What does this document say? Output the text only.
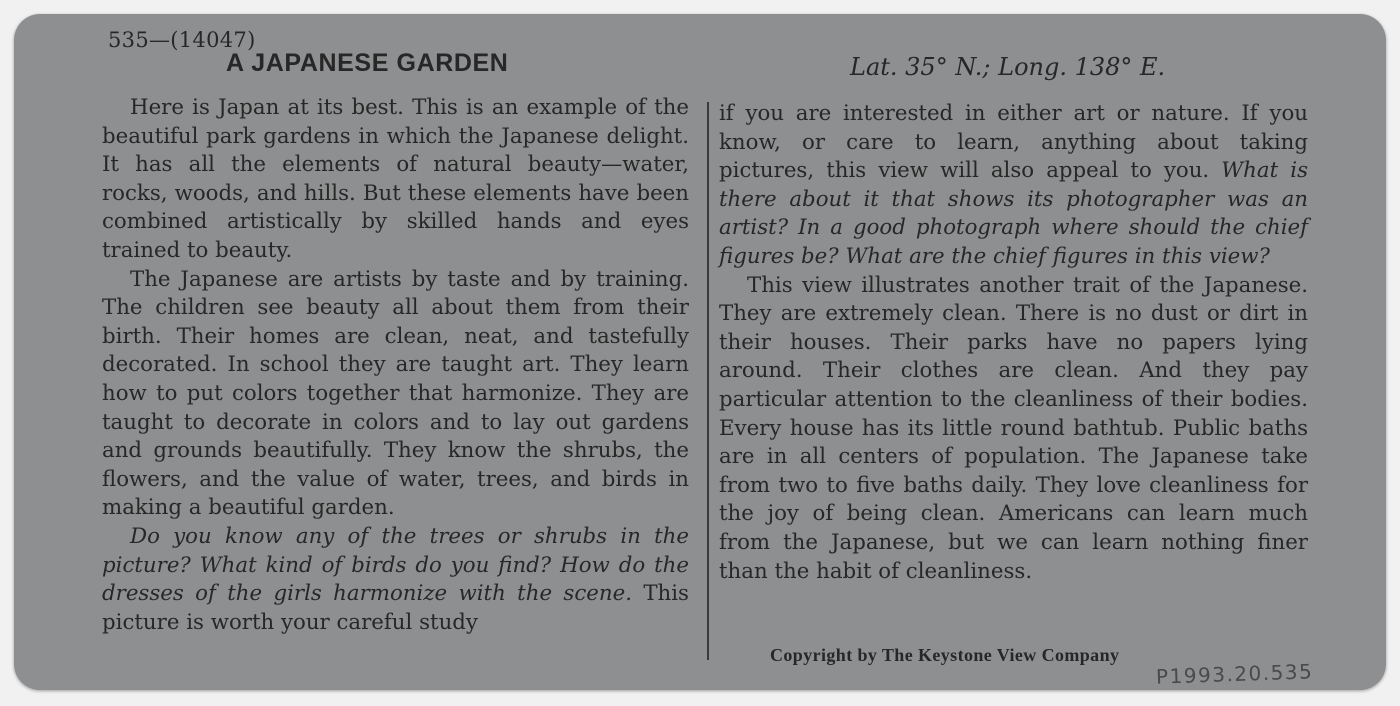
535—(14047)
A JAPANESE GARDEN	Lat. 35° N.; Long. 138° E.

Here is Japan at its best. This is an example of the beautiful park gardens in which the Japanese delight. It has all the elements of natural beauty—water, rocks, woods, and hills. But these elements have been combined artistically by skilled hands and eyes trained to beauty.

The Japanese are artists by taste and by training. The children see beauty all about them from their birth. Their homes are clean, neat, and tastefully decorated. In school they are taught art. They learn how to put colors together that harmonize. They are taught to decorate in colors and to lay out gardens and grounds beautifully. They know the shrubs, the flowers, and the value of water, trees, and birds in making a beautiful garden.

Do you know any of the trees or shrubs in the picture? What kind of birds do you find? How do the dresses of the girls harmonize with the scene. This picture is worth your careful study

if you are interested in either art or nature. If you know, or care to learn, anything about taking pictures, this view will also appeal to you. What is there about it that shows its photographer was an artist? In a good photograph where should the chief figures be? What are the chief figures in this view?

This view illustrates another trait of the Japanese. They are extremely clean. There is no dust or dirt in their houses. Their parks have no papers lying around. Their clothes are clean. And they pay particular attention to the cleanliness of their bodies. Every house has its little round bathtub. Public baths are in all centers of population. The Japanese take from two to five baths daily. They love cleanliness for the joy of being clean. Americans can learn much from the Japanese, but we can learn nothing finer than the habit of cleanliness.

Copyright by The Keystone View Company
P1993.20.535
